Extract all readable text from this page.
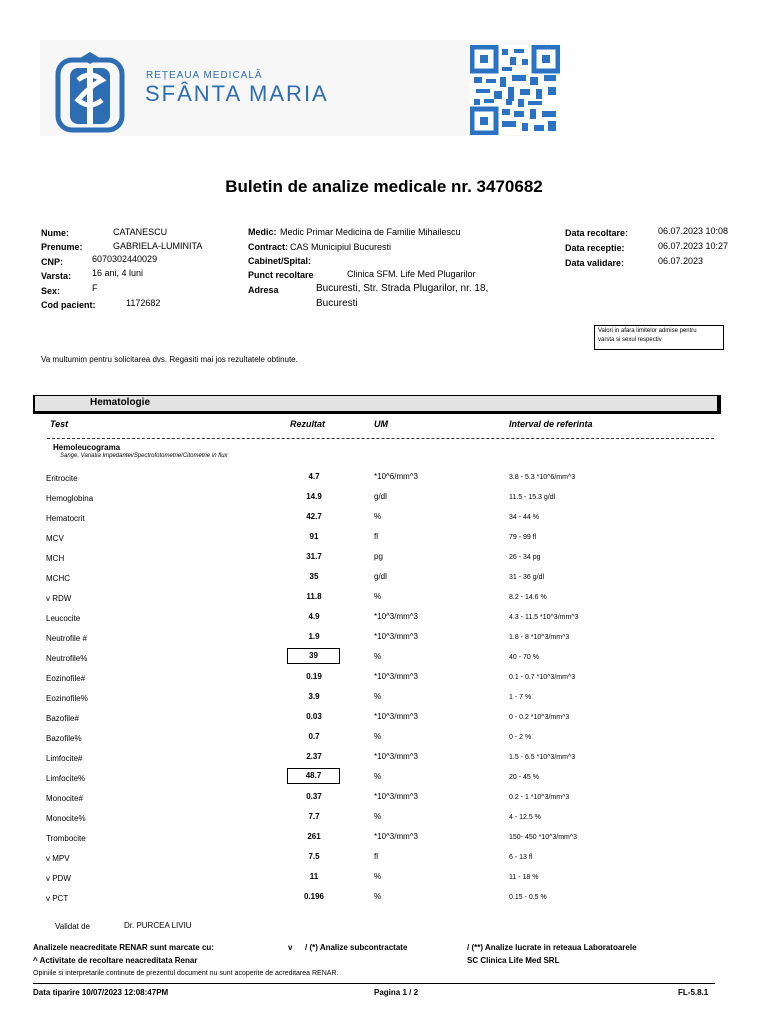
REȚEAUA MEDICALĂ
SFÂNTA MARIA
Buletin de analize medicale nr. 3470682
Nume:	CATANESCU
Prenume:	GABRIELA-LUMINITA
CNP:	6070302440029
Varsta: 16 ani, 4 luni
Sex:	F
Cod pacient:	1172682
Medic: Medic Primar Medicina de Familie Mihailescu
Contract: CAS Municipiul Bucuresti
Cabinet/Spital:
Punct recoltare	Clinica SFM. Life Med Plugarilor
Adresa	Bucuresti, Str. Strada Plugarilor, nr. 18,
Bucuresti
Data recoltare:	06.07.2023 10:08
Data receptie:	06.07.2023 10:27
Data validare:	06.07.2023
Valori in afara limitelor admise pentru
varsta si sexul respectiv
Va multumim pentru solicitarea dvs. Regasiti mai jos rezultatele obtinute.
Hematologie
Test	Rezultat	UM	Interval de referinta
Hemoleucograma
Sange, Variatia Impedantei/Spectrofotometrie/Citometrie in flux
Eritrocite	4.7	*10^6/mm^3	3.8 - 5.3 *10^6/mm^3
Hemoglobina	14.9	g/dl	11.5 - 15.3 g/dl
Hematocrit	42.7	%	34 - 44 %
MCV	91	fl	79 - 99 fl
MCH	31.7	pg	26 - 34 pg
MCHC	35	g/dl	31 - 36 g/dl
v RDW	11.8	%	8.2 - 14.6 %
Leucocite	4.9	*10^3/mm^3	4.3 - 11.5 *10^3/mm^3
Neutrofile #	1.9	*10^3/mm^3	1.8 - 8 *10^3/mm^3
Neutrofile%	39	%	40 - 70 %
Eozinofile#	0.19	*10^3/mm^3	0.1 - 0.7 *10^3/mm^3
Eozinofile%	3.9	%	1 - 7 %
Bazofile#	0.03	*10^3/mm^3	0 - 0.2 *10^3/mm^3
Bazofile%	0.7	%	0 - 2 %
Limfocite#	2.37	*10^3/mm^3	1.5 - 6.5 *10^3/mm^3
Limfocite%	48.7	%	20 - 45 %
Monocite#	0.37	*10^3/mm^3	0.2 - 1 *10^3/mm^3
Monocite%	7.7	%	4 - 12.5 %
Trombocite	261	*10^3/mm^3	150- 450 *10^3/mm^3
v MPV	7.5	fl	6 - 13 fl
v PDW	11	%	11 - 18 %
v PCT	0.196	%	0.15 - 0.5 %
Validat de	Dr. PURCEA LIVIU
Analizele neacreditate RENAR sunt marcate cu:	v / (*) Analize subcontractate	/ (**) Analize lucrate in reteaua Laboratoarele
SC Clinica Life Med SRL
^ Activitate de recoltare neacreditata Renar
Opiniile si interpretarile continute de prezentul document nu sunt acoperite de acreditarea RENAR.
Data tiparire 10/07/2023 12:08:47PM	Pagina 1 / 2	FL-5.8.1
